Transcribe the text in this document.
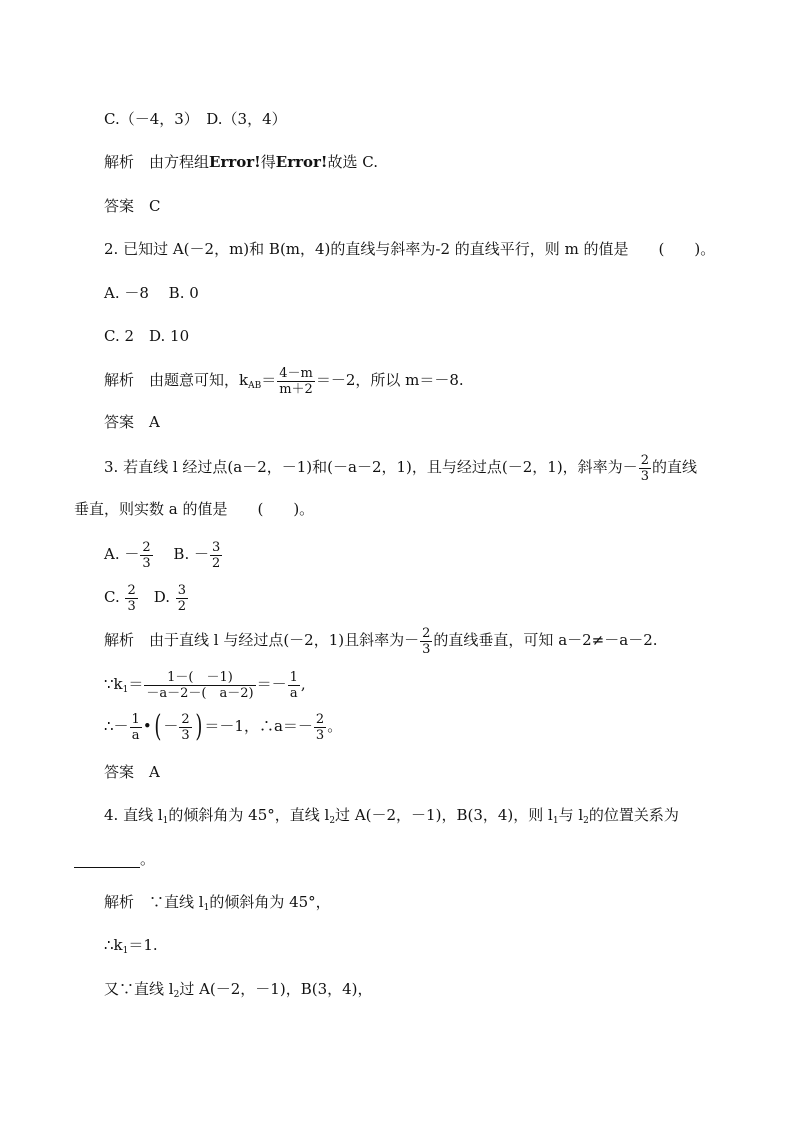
C.（－4，3）　D.（3，4）
解析　由方程组Error!得Error!故选 C.
答案　C
2. 已知过 A(－2，m)和 B(m，4)的直线与斜率为-2 的直线平行，则 m 的值是　　(　　)。
A. －8　 B. 0
C. 2　D. 10
解析　由题意可知，$k_{AB}= \frac{4-m}{m+2} =-2$，所以 m＝－8.
答案　A
3. 若直线 l 经过点(a－2，－1)和(－a－2，1)，且与经过点(－2，1)，斜率为－ $\frac{2}{3}$ 的直线
垂直，则实数 a 的值是　　(　　)。
A. － $\frac{2}{3}$ 　 B. － $\frac{3}{2}$
C. $\frac{2}{3}$ 　D. $\frac{3}{2}$
解析　由于直线 l 与经过点(－2，1)且斜率为－ $\frac{2}{3}$ 的直线垂直，可知 a－2≠－a－2.
$\because k_1= \frac{1-( -1)}{-a-2-( a-2)} =- \frac{1}{a}$ ,
∴－ $\frac{1}{a}$ •( － $\frac{2}{3}$ ) ＝－1，∴a＝－ $\frac{2}{3}$ 。
答案　A
4. 直线 $l_1$的倾斜角为 45°，直线 $l_2$过 A(－2，－1)，B(3，4)，则 $l_1$与 $l_2$的位置关系为
。
解析　∵直线 $l_1$的倾斜角为 45°，
$\therefore k_1=1$.
又∵直线 $l_2$过 A(－2，－1)，B(3，4)，
